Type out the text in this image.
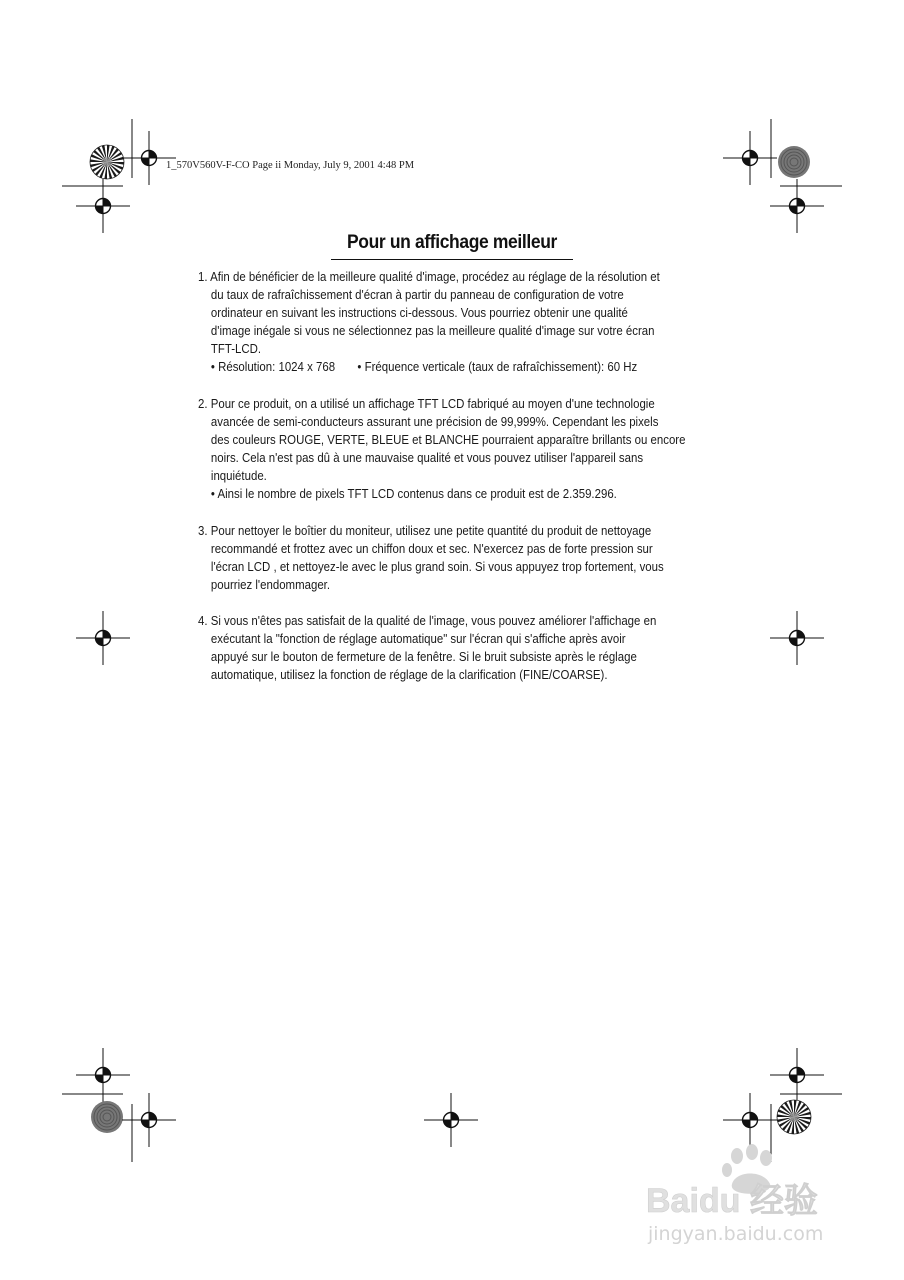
1_570V560V-F-CO Page ii Monday, July 9, 2001 4:48 PM
Pour un affichage meilleur
1. Afin de bénéficier de la meilleure qualité d'image, procédez au réglage de la résolution et
du taux de rafraîchissement d'écran à partir du panneau de configuration de votre
ordinateur en suivant les instructions ci-dessous. Vous pourriez obtenir une qualité
d'image inégale si vous ne sélectionnez pas la meilleure qualité d'image sur votre écran
TFT-LCD.
• Résolution: 1024 x 768 • Fréquence verticale (taux de rafraîchissement): 60 Hz
2. Pour ce produit, on a utilisé un affichage TFT LCD fabriqué au moyen d'une technologie
avancée de semi-conducteurs assurant une précision de 99,999%. Cependant les pixels
des couleurs ROUGE, VERTE, BLEUE et BLANCHE pourraient apparaître brillants ou encore
noirs. Cela n'est pas dû à une mauvaise qualité et vous pouvez utiliser l'appareil sans
inquiétude.
• Ainsi le nombre de pixels TFT LCD contenus dans ce produit est de 2.359.296.
3. Pour nettoyer le boîtier du moniteur, utilisez une petite quantité du produit de nettoyage
recommandé et frottez avec un chiffon doux et sec. N'exercez pas de forte pression sur
l'écran LCD , et nettoyez-le avec le plus grand soin. Si vous appuyez trop fortement, vous
pourriez l'endommager.
4. Si vous n'êtes pas satisfait de la qualité de l'image, vous pouvez améliorer l'affichage en
exécutant la "fonction de réglage automatique" sur l'écran qui s'affiche après avoir
appuyé sur le bouton de fermeture de la fenêtre. Si le bruit subsiste après le réglage
automatique, utilisez la fonction de réglage de la clarification (FINE/COARSE).
Baidu 经验
jingyan.baidu.com
